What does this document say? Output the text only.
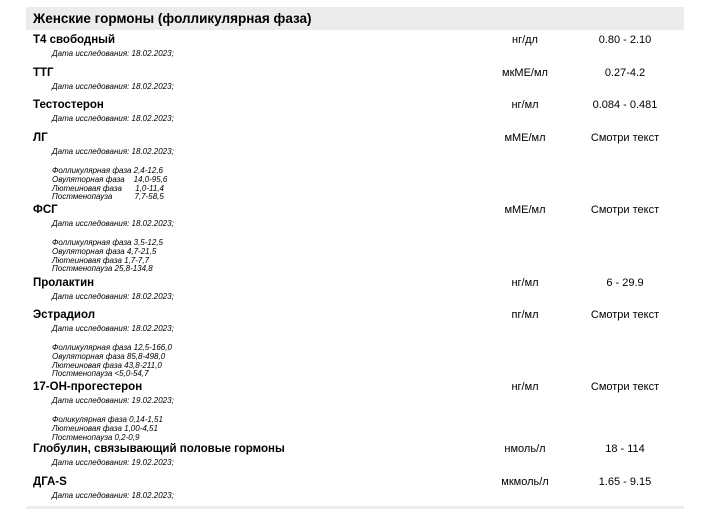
Женские гормоны (фолликулярная фаза)
Т4 свободный	нг/дл	0.80 - 2.10
Дата исследования: 18.02.2023;
ТТГ	мкМЕ/мл	0.27-4.2
Дата исследования: 18.02.2023;
Тестостерон	нг/мл	0.084 - 0.481
Дата исследования: 18.02.2023;
ЛГ	мМЕ/мл	Смотри текст
Дата исследования: 18.02.2023;
Фолликулярная фаза 2,4-12,6
Овуляторная фаза    14,0-95,6
Лютеиновая фаза      1,0-11,4
Постменопауза          7,7-58,5
ФСГ	мМЕ/мл	Смотри текст
Дата исследования: 18.02.2023;
Фолликулярная фаза 3,5-12,5
Овуляторная фаза 4,7-21,5
Лютеиновая фаза 1,7-7,7
Постменопауза 25,8-134,8
Пролактин	нг/мл	6 - 29.9
Дата исследования: 18.02.2023;
Эстрадиол	пг/мл	Смотри текст
Дата исследования: 18.02.2023;
Фолликулярная фаза 12,5-166,0
Овуляторная фаза 85,8-498,0
Лютеиновая фаза 43,8-211,0
Постменопауза <5,0-54,7
17-ОН-прогестерон	нг/мл	Смотри текст
Дата исследования: 19.02.2023;
Фоликулярная фаза 0,14-1,51
Лютеиновая фаза 1,00-4,51
Постменопауза 0,2-0,9
Глобулин, связывающий половые гормоны	нмоль/л	18 - 114
Дата исследования: 19.02.2023;
ДГА-S	мкмоль/л	1.65 - 9.15
Дата исследования: 18.02.2023;
